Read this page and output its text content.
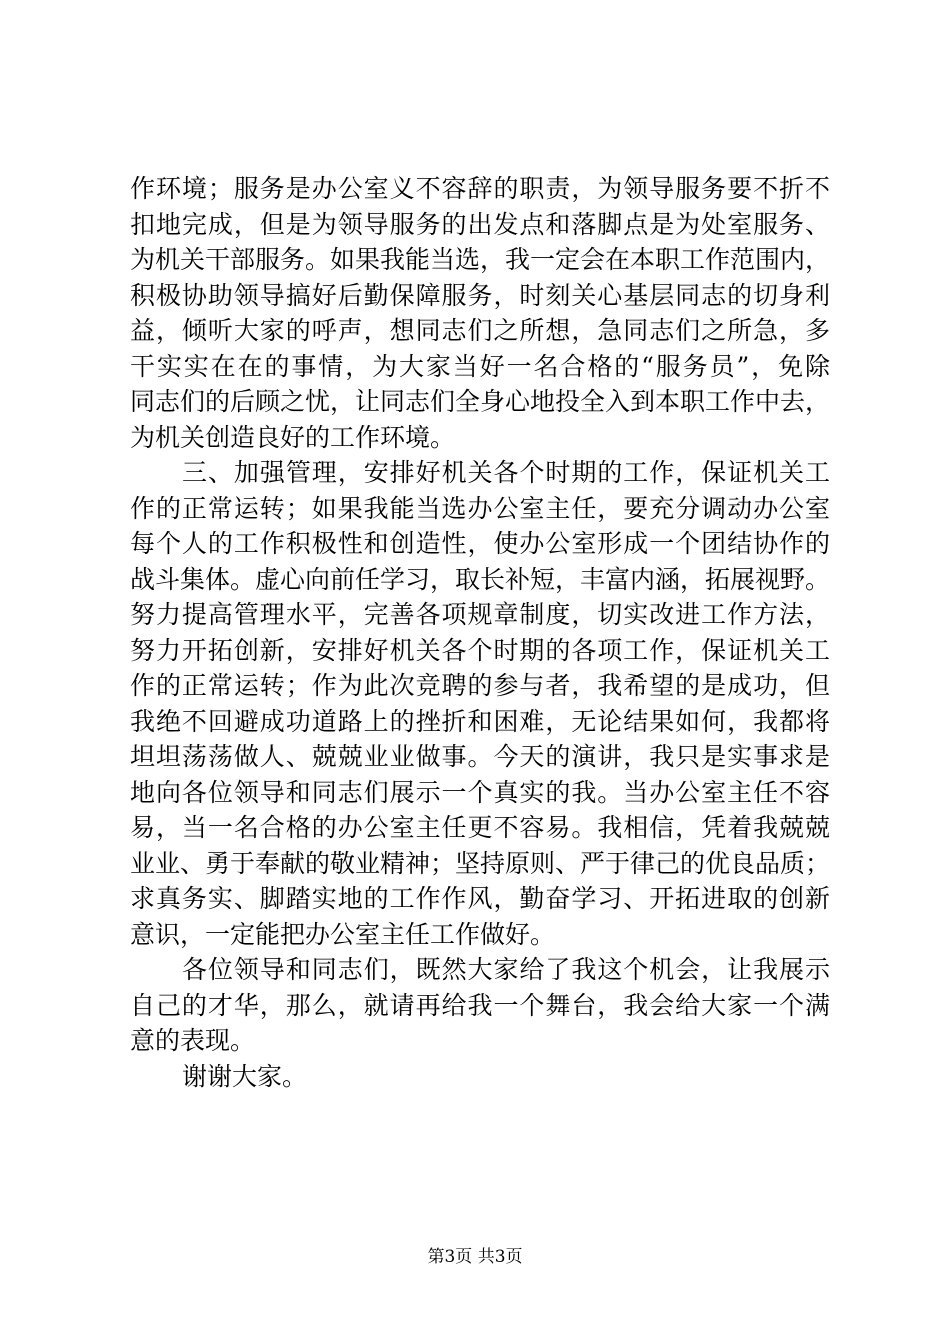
作环境；服务是办公室义不容辞的职责，为领导服务要不折不
扣地完成，但是为领导服务的出发点和落脚点是为处室服务、
为机关干部服务。如果我能当选，我一定会在本职工作范围内，
积极协助领导搞好后勤保障服务，时刻关心基层同志的切身利
益，倾听大家的呼声，想同志们之所想，急同志们之所急，多
干实实在在的事情，为大家当好一名合格的“服务员”，免除
同志们的后顾之忧，让同志们全身心地投全入到本职工作中去，
为机关创造良好的工作环境。
三、加强管理，安排好机关各个时期的工作，保证机关工
作的正常运转；如果我能当选办公室主任，要充分调动办公室
每个人的工作积极性和创造性，使办公室形成一个团结协作的
战斗集体。虚心向前任学习，取长补短，丰富内涵，拓展视野。
努力提高管理水平，完善各项规章制度，切实改进工作方法，
努力开拓创新，安排好机关各个时期的各项工作，保证机关工
作的正常运转；作为此次竞聘的参与者，我希望的是成功，但
我绝不回避成功道路上的挫折和困难，无论结果如何，我都将
坦坦荡荡做人、兢兢业业做事。今天的演讲，我只是实事求是
地向各位领导和同志们展示一个真实的我。当办公室主任不容
易，当一名合格的办公室主任更不容易。我相信，凭着我兢兢
业业、勇于奉献的敬业精神；坚持原则、严于律己的优良品质；
求真务实、脚踏实地的工作作风，勤奋学习、开拓进取的创新
意识，一定能把办公室主任工作做好。
各位领导和同志们，既然大家给了我这个机会，让我展示
自己的才华，那么，就请再给我一个舞台，我会给大家一个满
意的表现。
谢谢大家。
第3页 共3页
